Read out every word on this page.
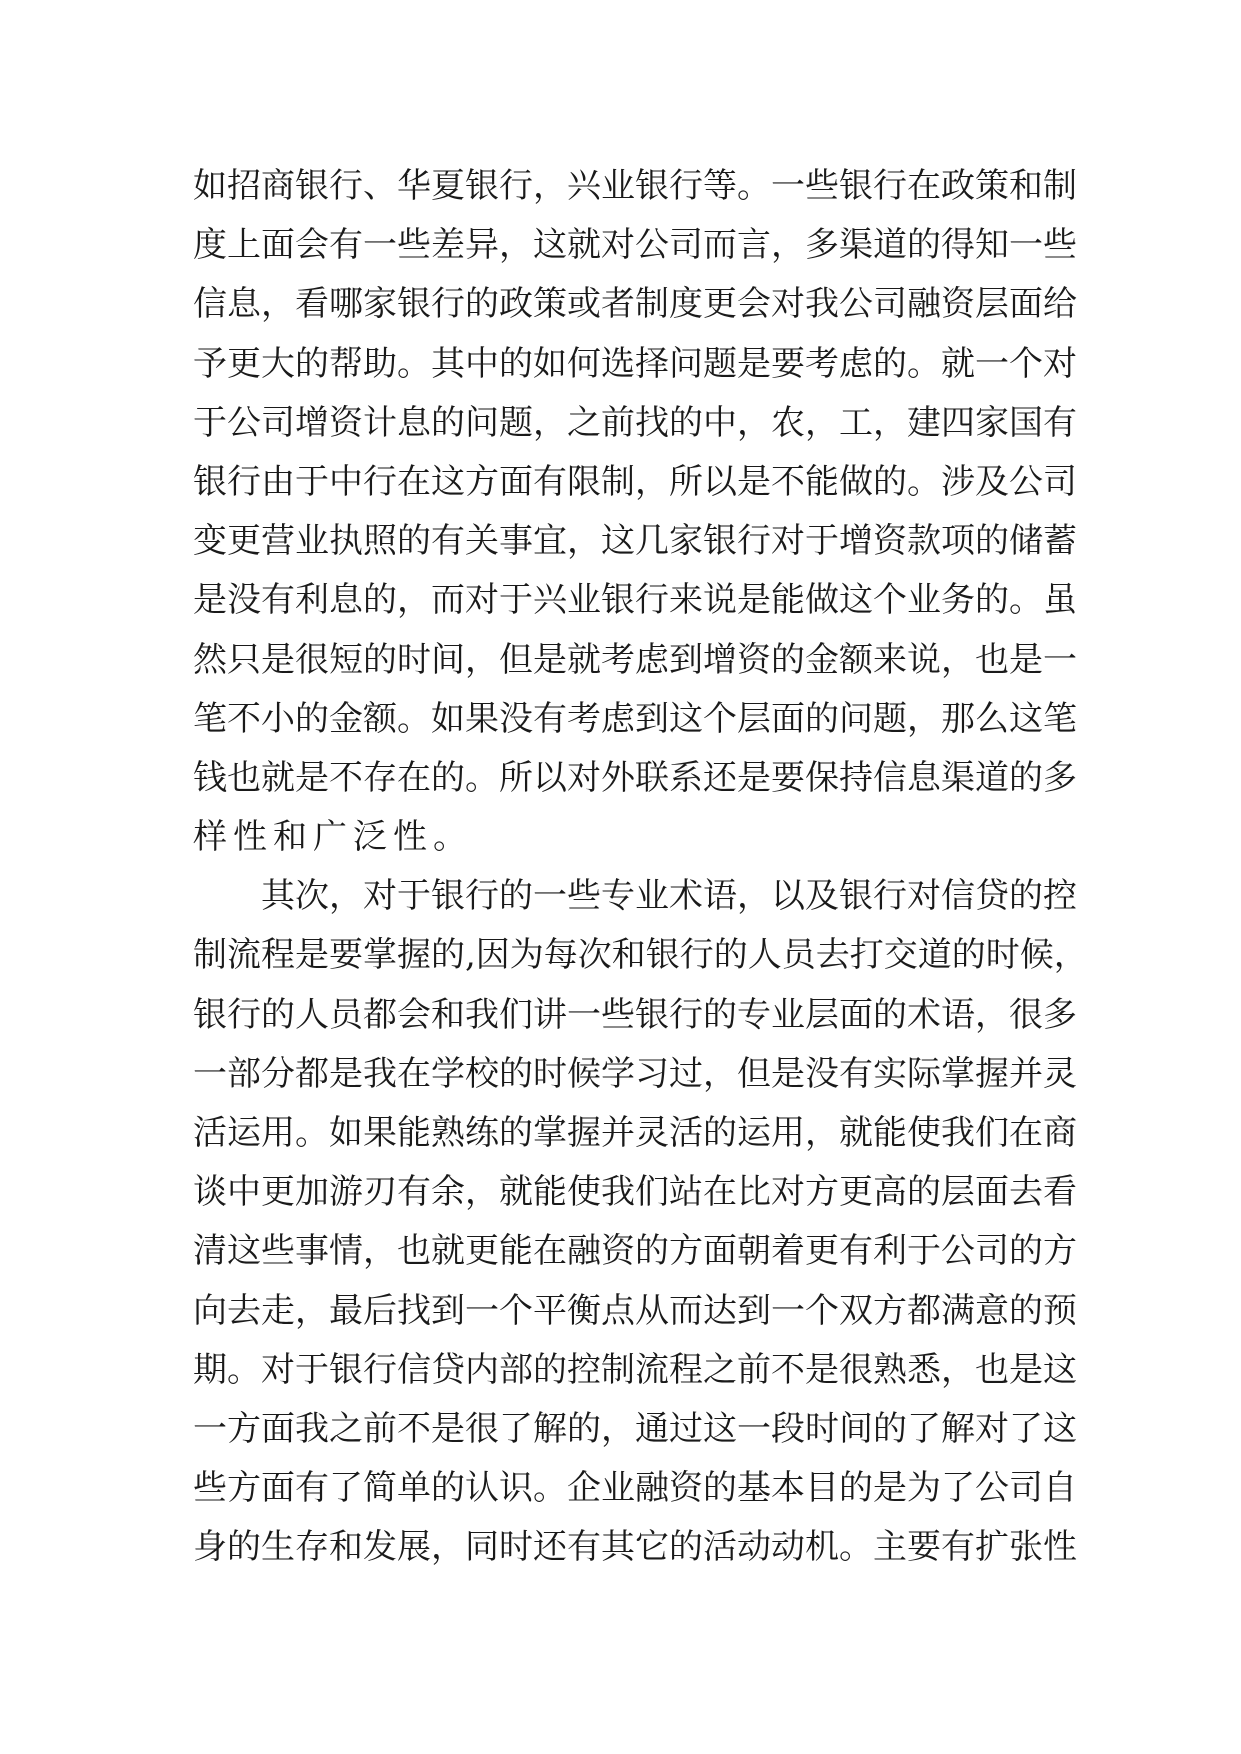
如招商银行、华夏银行，兴业银行等。一些银行在政策和制
度上面会有一些差异，这就对公司而言，多渠道的得知一些
信息，看哪家银行的政策或者制度更会对我公司融资层面给
予更大的帮助。其中的如何选择问题是要考虑的。就一个对
于公司增资计息的问题，之前找的中，农，工，建四家国有
银行由于中行在这方面有限制，所以是不能做的。涉及公司
变更营业执照的有关事宜，这几家银行对于增资款项的储蓄
是没有利息的，而对于兴业银行来说是能做这个业务的。虽
然只是很短的时间，但是就考虑到增资的金额来说，也是一
笔不小的金额。如果没有考虑到这个层面的问题，那么这笔
钱也就是不存在的。所以对外联系还是要保持信息渠道的多
样性和广泛性。
　　其次，对于银行的一些专业术语，以及银行对信贷的控
制流程是要掌握的,因为每次和银行的人员去打交道的时候，
银行的人员都会和我们讲一些银行的专业层面的术语，很多
一部分都是我在学校的时候学习过，但是没有实际掌握并灵
活运用。如果能熟练的掌握并灵活的运用，就能使我们在商
谈中更加游刃有余，就能使我们站在比对方更高的层面去看
清这些事情，也就更能在融资的方面朝着更有利于公司的方
向去走，最后找到一个平衡点从而达到一个双方都满意的预
期。对于银行信贷内部的控制流程之前不是很熟悉，也是这
一方面我之前不是很了解的，通过这一段时间的了解对了这
些方面有了简单的认识。企业融资的基本目的是为了公司自
身的生存和发展，同时还有其它的活动动机。主要有扩张性
